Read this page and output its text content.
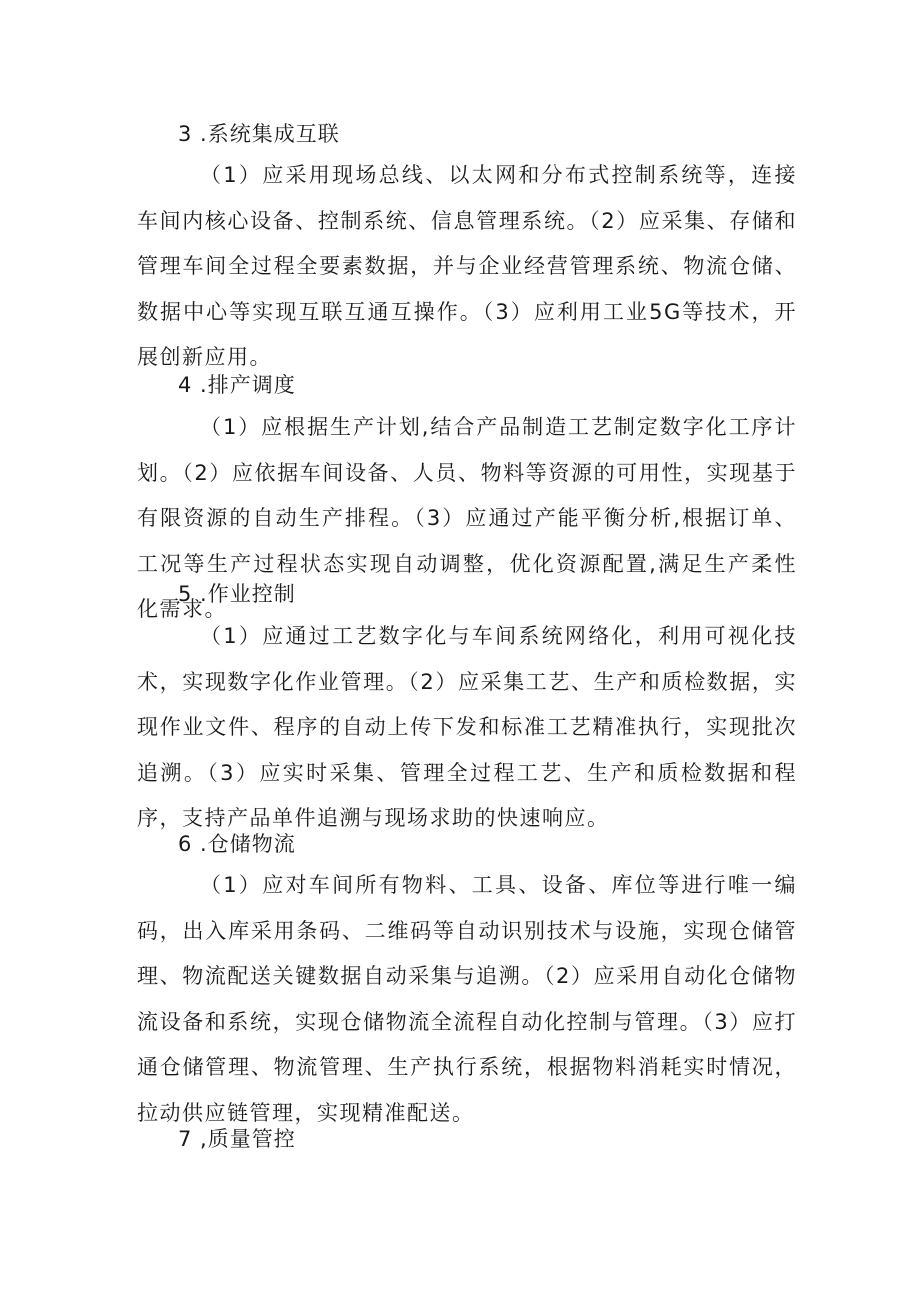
3 .系统集成互联

（1）应采用现场总线、以太网和分布式控制系统等，连接车间内核心设备、控制系统、信息管理系统。（2）应采集、存储和管理车间全过程全要素数据，并与企业经营管理系统、物流仓储、数据中心等实现互联互通互操作。（3）应利用工业5G等技术，开展创新应用。

4 .排产调度

（1）应根据生产计划,结合产品制造工艺制定数字化工序计划。（2）应依据车间设备、人员、物料等资源的可用性，实现基于有限资源的自动生产排程。（3）应通过产能平衡分析,根据订单、工况等生产过程状态实现自动调整，优化资源配置,满足生产柔性化需求。

5 .作业控制

（1）应通过工艺数字化与车间系统网络化，利用可视化技术，实现数字化作业管理。（2）应采集工艺、生产和质检数据，实现作业文件、程序的自动上传下发和标准工艺精准执行，实现批次追溯。（3）应实时采集、管理全过程工艺、生产和质检数据和程序，支持产品单件追溯与现场求助的快速响应。

6 .仓储物流

（1）应对车间所有物料、工具、设备、库位等进行唯一编码，出入库采用条码、二维码等自动识别技术与设施，实现仓储管理、物流配送关键数据自动采集与追溯。（2）应采用自动化仓储物流设备和系统，实现仓储物流全流程自动化控制与管理。（3）应打通仓储管理、物流管理、生产执行系统，根据物料消耗实时情况，拉动供应链管理，实现精准配送。

7 ,质量管控
